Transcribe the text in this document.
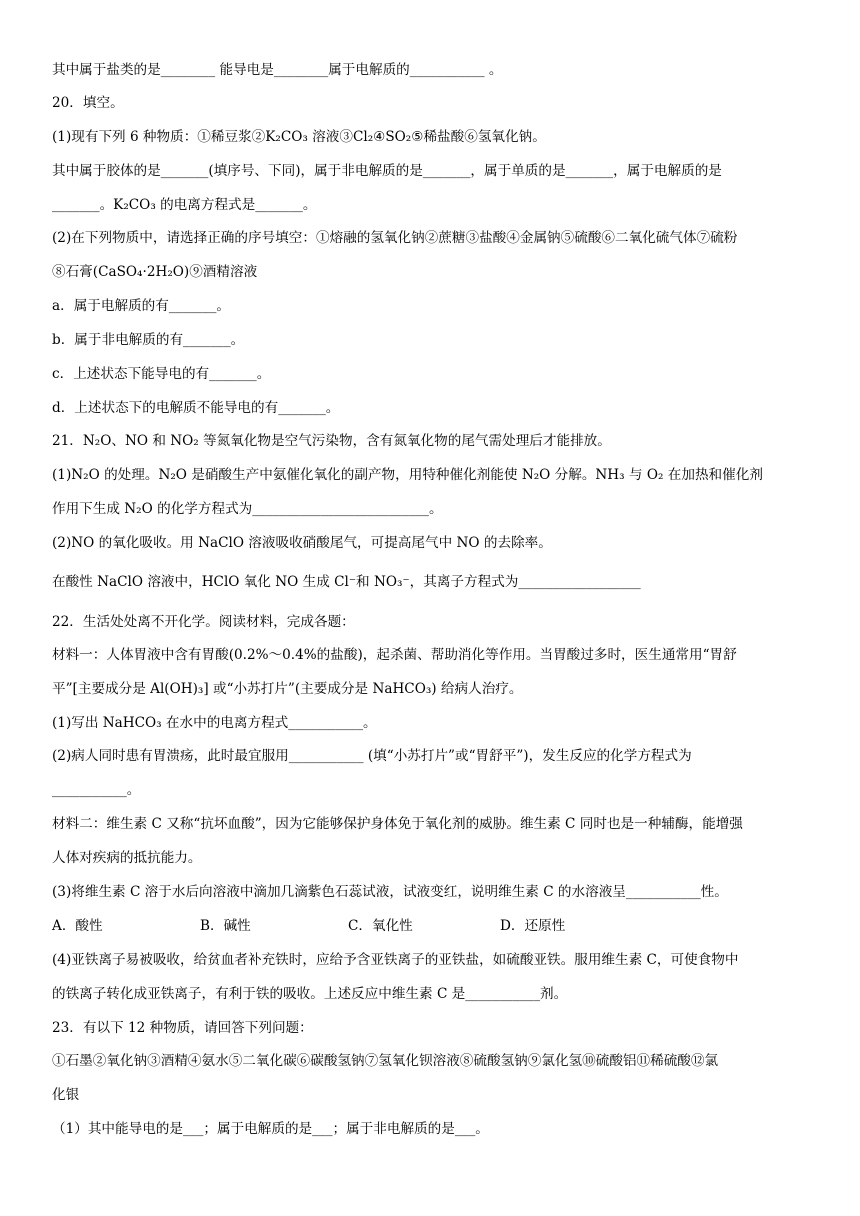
其中属于盐类的是________ 能导电是________属于电解质的___________ 。
20．填空。
(1)现有下列 6 种物质：①稀豆浆②K₂CO₃ 溶液③Cl₂④SO₂⑤稀盐酸⑥氢氧化钠。
其中属于胶体的是_______(填序号、下同)，属于非电解质的是_______，属于单质的是_______，属于电解质的是
_______。K₂CO₃ 的电离方程式是_______。
(2)在下列物质中，请选择正确的序号填空：①熔融的氢氧化钠②蔗糖③盐酸④金属钠⑤硫酸⑥二氧化硫气体⑦硫粉
⑧石膏(CaSO₄·2H₂O)⑨酒精溶液
a．属于电解质的有_______。
b．属于非电解质的有_______。
c．上述状态下能导电的有_______。
d．上述状态下的电解质不能导电的有_______。
21．N₂O、NO 和 NO₂ 等氮氧化物是空气污染物，含有氮氧化物的尾气需处理后才能排放。
(1)N₂O 的处理。N₂O 是硝酸生产中氨催化氧化的副产物，用特种催化剂能使 N₂O 分解。NH₃ 与 O₂ 在加热和催化剂
作用下生成 N₂O 的化学方程式为__________________________。
(2)NO 的氧化吸收。用 NaClO 溶液吸收硝酸尾气，可提高尾气中 NO 的去除率。
在酸性 NaClO 溶液中，HClO 氧化 NO 生成 Cl⁻和 NO₃⁻，其离子方程式为__________________
22．生活处处离不开化学。阅读材料，完成各题：
材料一：人体胃液中含有胃酸(0.2%～0.4%的盐酸)，起杀菌、帮助消化等作用。当胃酸过多时，医生通常用“胃舒
平”[主要成分是 Al(OH)₃] 或“小苏打片”(主要成分是 NaHCO₃) 给病人治疗。
(1)写出 NaHCO₃ 在水中的电离方程式___________。
(2)病人同时患有胃溃疡，此时最宜服用___________ (填“小苏打片”或“胃舒平”)，发生反应的化学方程式为
___________。
材料二：维生素 C 又称“抗坏血酸”，因为它能够保护身体免于氧化剂的威胁。维生素 C 同时也是一种辅酶，能增强
人体对疾病的抵抗能力。
(3)将维生素 C 溶于水后向溶液中滴加几滴紫色石蕊试液，试液变红，说明维生素 C 的水溶液呈___________性。
A．酸性	B．碱性	C．氧化性	D．还原性
(4)亚铁离子易被吸收，给贫血者补充铁时，应给予含亚铁离子的亚铁盐，如硫酸亚铁。服用维生素 C，可使食物中
的铁离子转化成亚铁离子，有利于铁的吸收。上述反应中维生素 C 是___________剂。
23．有以下 12 种物质，请回答下列问题：
①石墨②氧化钠③酒精④氨水⑤二氧化碳⑥碳酸氢钠⑦氢氧化钡溶液⑧硫酸氢钠⑨氯化氢⑩硫酸铝⑪稀硫酸⑫氯
化银
（1）其中能导电的是___；属于电解质的是___；属于非电解质的是___。
